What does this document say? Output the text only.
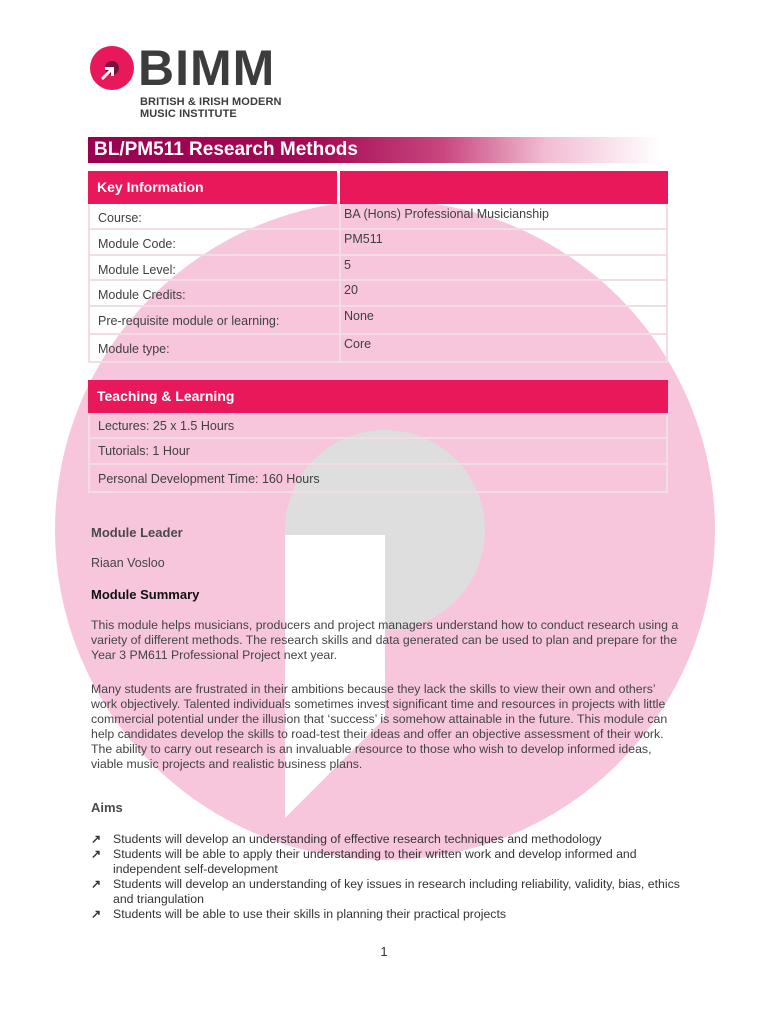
BIMM
BRITISH & IRISH MODERN
MUSIC INSTITUTE
BL/PM511 Research Methods
Key Information
Course:	BA (Hons) Professional Musicianship
Module Code:	PM511
Module Level:	5
Module Credits:	20
Pre-requisite module or learning:	None
Module type:	Core
Teaching & Learning
Lectures: 25 x 1.5 Hours
Tutorials: 1 Hour
Personal Development Time: 160 Hours
Module Leader
Riaan Vosloo
Module Summary
This module helps musicians, producers and project managers understand how to conduct research using a variety of different methods. The research skills and data generated can be used to plan and prepare for the Year 3 PM611 Professional Project next year.
Many students are frustrated in their ambitions because they lack the skills to view their own and others’ work objectively. Talented individuals sometimes invest significant time and resources in projects with little commercial potential under the illusion that ‘success’ is somehow attainable in the future. This module can help candidates develop the skills to road-test their ideas and offer an objective assessment of their work. The ability to carry out research is an invaluable resource to those who wish to develop informed ideas, viable music projects and realistic business plans.
Aims
↗ Students will develop an understanding of effective research techniques and methodology
↗ Students will be able to apply their understanding to their written work and develop informed and independent self-development
↗ Students will develop an understanding of key issues in research including reliability, validity, bias, ethics and triangulation
↗ Students will be able to use their skills in planning their practical projects
1
